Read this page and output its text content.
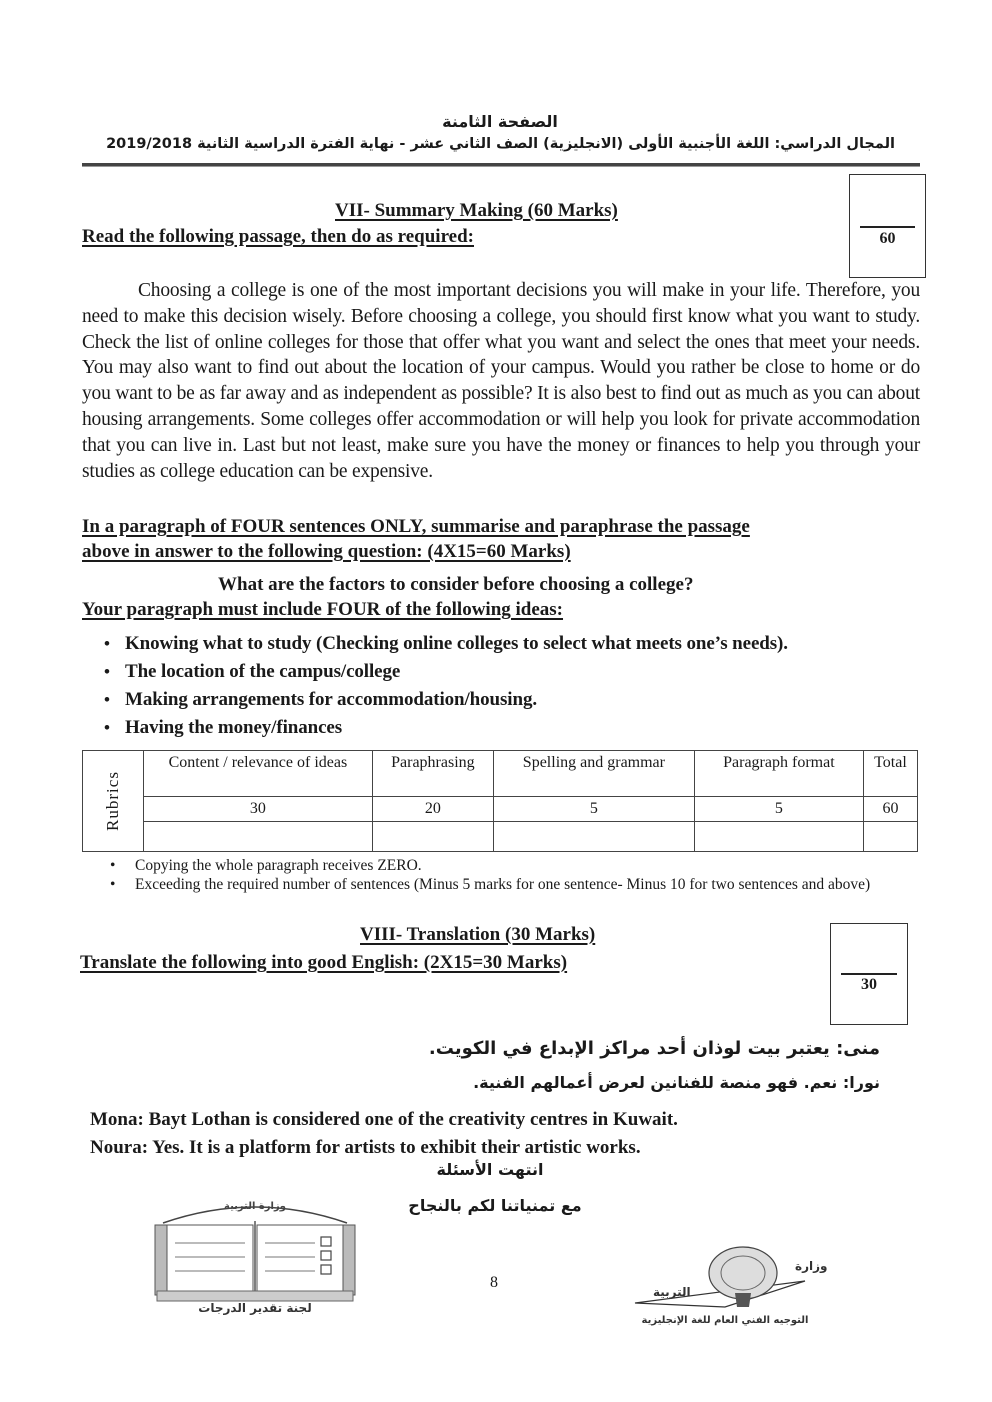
الصفحة الثامنة
المجال الدراسي: اللغة الأجنبية الأولى (الانجليزية) الصف الثاني عشر - نهاية الفترة الدراسية الثانية 2019/2018
VII- Summary Making (60 Marks)
Read the following passage, then do as required:	60

Choosing a college is one of the most important decisions you will make in your life. Therefore, you need to make this decision wisely. Before choosing a college, you should first know what you want to study. Check the list of online colleges for those that offer what you want and select the ones that meet your needs. You may also want to find out about the location of your campus. Would you rather be close to home or do you want to be as far away and as independent as possible? It is also best to find out as much as you can about housing arrangements. Some colleges offer accommodation or will help you look for private accommodation that you can live in. Last but not least, make sure you have the money or finances to help you through your studies as college education can be expensive.

In a paragraph of FOUR sentences ONLY, summarise and paraphrase the passage
above in answer to the following question: (4X15=60 Marks)
What are the factors to consider before choosing a college?
Your paragraph must include FOUR of the following ideas:
• Knowing what to study (Checking online colleges to select what meets one’s needs).
• The location of the campus/college
• Making arrangements for accommodation/housing.
• Having the money/finances
Rubrics	Content / relevance of ideas	Paraphrasing	Spelling and grammar	Paragraph format	Total
	30	20	5	5	60

• Copying the whole paragraph receives ZERO.
• Exceeding the required number of sentences (Minus 5 marks for one sentence- Minus 10 for two sentences and above)
VIII- Translation (30 Marks)
Translate the following into good English: (2X15=30 Marks)
30
منى: يعتبر بيت لوذان أحد مراكز الإبداع في الكويت.
نورا: نعم. فهو منصة للفنانين لعرض أعمالهم الفنية.
Mona: Bayt Lothan is considered one of the creativity centres in Kuwait.
Noura: Yes. It is a platform for artists to exhibit their artistic works.
انتهت الأسئلة
مع تمنياتنا لكم بالنجاح
8
وزارة التربية
لجنة تقدير الدرجات
وزارة
التربية
التوجيه الفني العام للغة الإنجليزية
